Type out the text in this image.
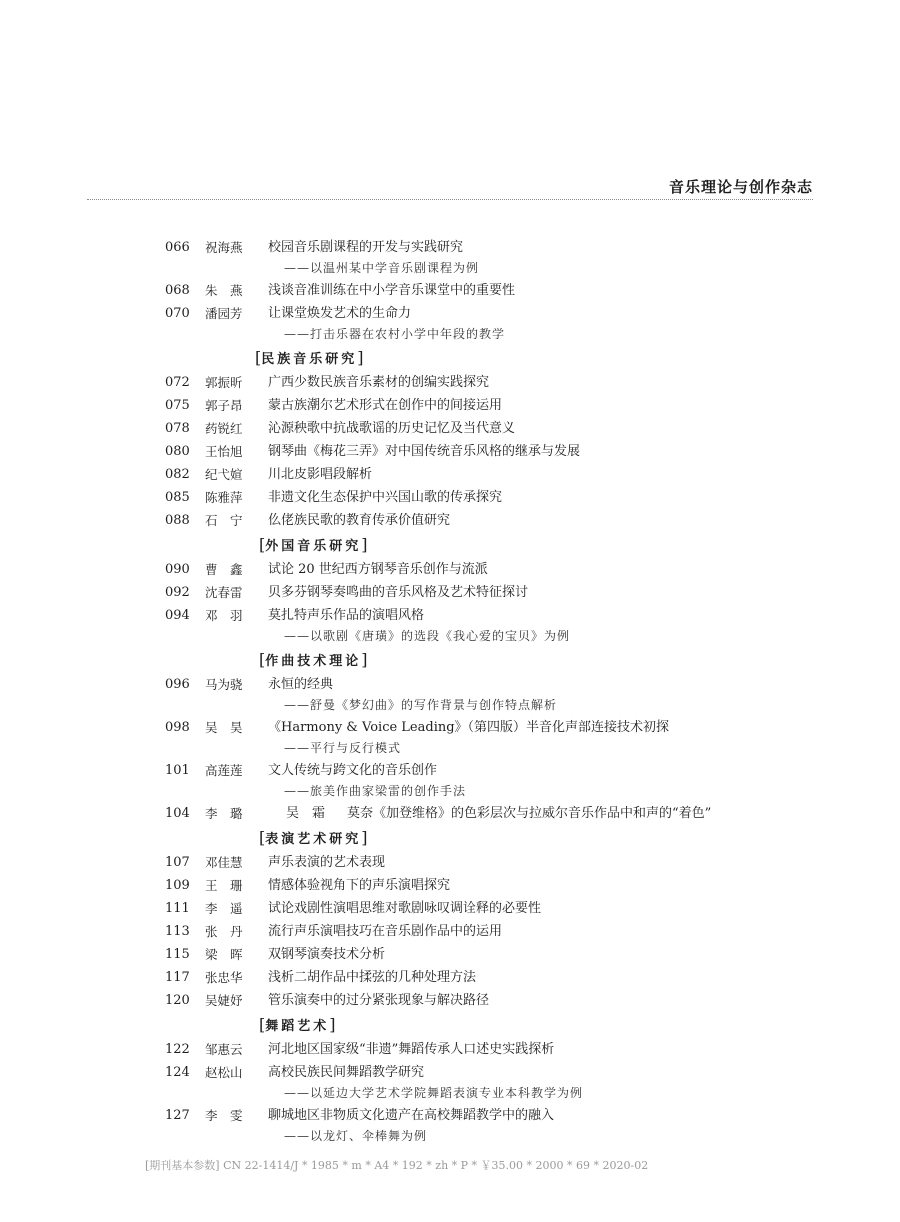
音乐理论与创作杂志
066 祝海燕	校园音乐剧课程的开发与实践研究
——以温州某中学音乐剧课程为例
068 朱　燕	浅谈音准训练在中小学音乐课堂中的重要性
070 潘园芳	让课堂焕发艺术的生命力
——打击乐器在农村小学中年段的教学
[民族音乐研究]
072 郭振昕	广西少数民族音乐素材的创编实践探究
075 郭子昂	蒙古族潮尔艺术形式在创作中的间接运用
078 药锐红	沁源秧歌中抗战歌谣的历史记忆及当代意义
080 王怡旭	钢琴曲《梅花三弄》对中国传统音乐风格的继承与发展
082 纪弋媗	川北皮影唱段解析
085 陈雅萍	非遗文化生态保护中兴国山歌的传承探究
088 石　宁	仫佬族民歌的教育传承价值研究
[外国音乐研究]
090 曹　鑫	试论 20 世纪西方钢琴音乐创作与流派
092 沈春雷	贝多芬钢琴奏鸣曲的音乐风格及艺术特征探讨
094 邓　羽	莫扎特声乐作品的演唱风格
——以歌剧《唐璜》的选段《我心爱的宝贝》为例
[作曲技术理论]
096 马为骁	永恒的经典
——舒曼《梦幻曲》的写作背景与创作特点解析
098 吴　昊	《Harmony & Voice Leading》（第四版）半音化声部连接技术初探
——平行与反行模式
101 高莲莲	文人传统与跨文化的音乐创作
——旅美作曲家梁雷的创作手法
104 李　璐	吴　霜 莫奈《加登维格》的色彩层次与拉威尔音乐作品中和声的“着色”
[表演艺术研究]
107 邓佳慧	声乐表演的艺术表现
109 王　珊	情感体验视角下的声乐演唱探究
111 李　遥	试论戏剧性演唱思维对歌剧咏叹调诠释的必要性
113 张　丹	流行声乐演唱技巧在音乐剧作品中的运用
115 梁　晖	双钢琴演奏技术分析
117 张忠华	浅析二胡作品中揉弦的几种处理方法
120 吴婕妤	管乐演奏中的过分紧张现象与解决路径
[舞蹈艺术]
122 邹惠云	河北地区国家级“非遗”舞蹈传承人口述史实践探析
124 赵松山	高校民族民间舞蹈教学研究
——以延边大学艺术学院舞蹈表演专业本科教学为例
127 李　雯	聊城地区非物质文化遗产在高校舞蹈教学中的融入
——以龙灯、伞棒舞为例
[期刊基本参数] CN 22-1414/J * 1985 * m * A4 * 192 * zh * P * ￥35.00 * 2000 * 69 * 2020-02
